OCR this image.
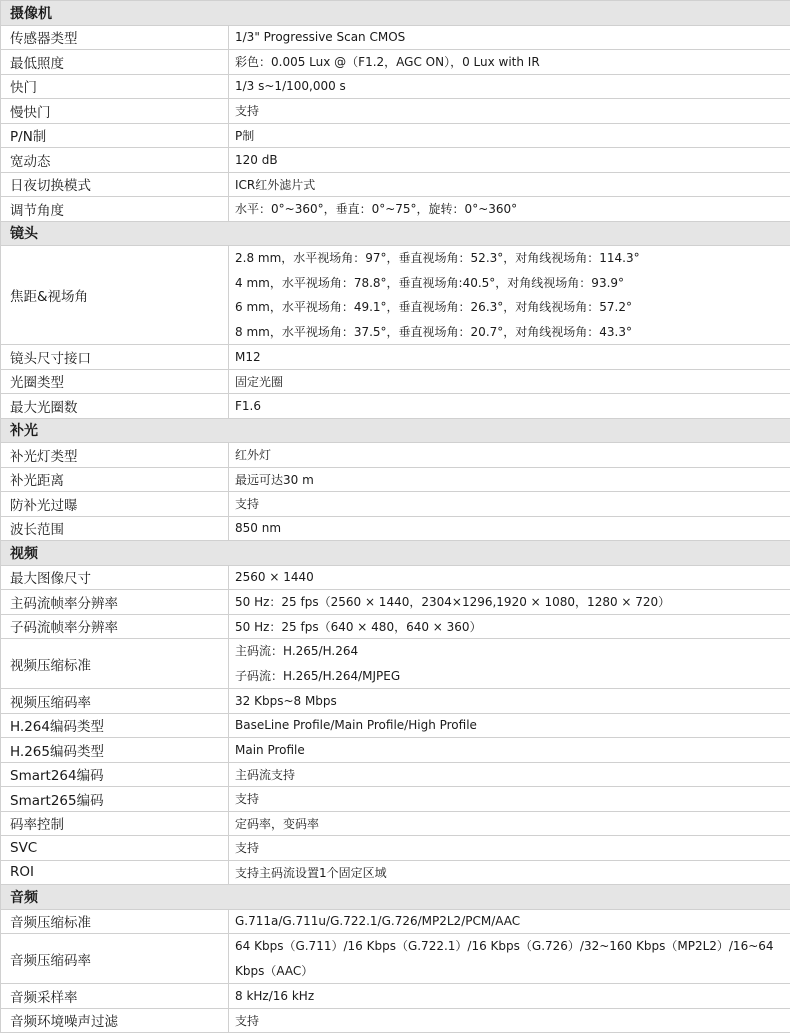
摄像机	
传感器类型	1/3" Progressive Scan CMOS

最低照度	彩色：0.005 Lux @（F1.2，AGC ON），0 Lux with IR

快门	1/3 s~1/100,000 s

慢快门	支持

P/N制	P制

宽动态	120 dB

日夜切换模式	ICR红外滤片式

调节角度	水平：0°~360°，垂直：0°~75°，旋转：0°~360°

镜头	
焦距&视场角	2.8 mm，水平视场角：97°，垂直视场角：52.3°，对角线视场角：114.3°
4 mm，水平视场角：78.8°，垂直视场角:40.5°，对角线视场角：93.9°
6 mm，水平视场角：49.1°，垂直视场角：26.3°，对角线视场角：57.2°
8 mm，水平视场角：37.5°，垂直视场角：20.7°，对角线视场角：43.3°

镜头尺寸接口	M12

光圈类型	固定光圈

最大光圈数	F1.6

补光	
补光灯类型	红外灯

补光距离	最远可达30 m

防补光过曝	支持

波长范围	850 nm

视频	
最大图像尺寸	2560 × 1440

主码流帧率分辨率	50 Hz：25 fps（2560 × 1440，2304×1296,1920 × 1080，1280 × 720）

子码流帧率分辨率	50 Hz：25 fps（640 × 480，640 × 360）

视频压缩标准	主码流：H.265/H.264
子码流：H.265/H.264/MJPEG

视频压缩码率	32 Kbps~8 Mbps

H.264编码类型	BaseLine Profile/Main Profile/High Profile

H.265编码类型	Main Profile

Smart264编码	主码流支持

Smart265编码	支持

码率控制	定码率，变码率

SVC	支持

ROI	支持主码流设置1个固定区域

音频	
音频压缩标准	G.711a/G.711u/G.722.1/G.726/MP2L2/PCM/AAC

音频压缩码率	64 Kbps（G.711）/16 Kbps（G.722.1）/16 Kbps（G.726）/32~160 Kbps（MP2L2）/16~64
Kbps（AAC）

音频采样率	8 kHz/16 kHz

音频环境噪声过滤	支持
